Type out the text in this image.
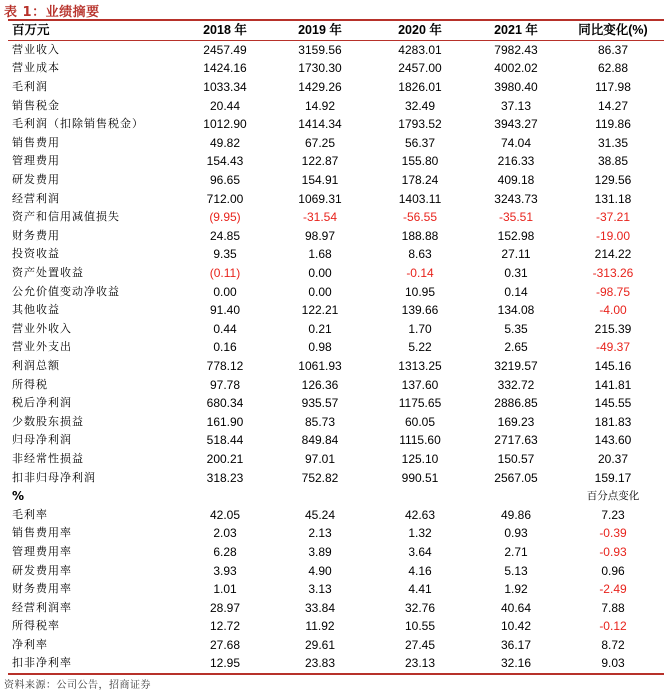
表 1：业绩摘要
百万元	2018 年	2019 年	2020 年	2021 年	同比变化(%)
营业收入	2457.49	3159.56	4283.01	7982.43	86.37
营业成本	1424.16	1730.30	2457.00	4002.02	62.88
毛利润	1033.34	1429.26	1826.01	3980.40	117.98
销售税金	20.44	14.92	32.49	37.13	14.27
毛利润（扣除销售税金）	1012.90	1414.34	1793.52	3943.27	119.86
销售费用	49.82	67.25	56.37	74.04	31.35
管理费用	154.43	122.87	155.80	216.33	38.85
研发费用	96.65	154.91	178.24	409.18	129.56
经营利润	712.00	1069.31	1403.11	3243.73	131.18
资产和信用减值损失	(9.95)	-31.54	-56.55	-35.51	-37.21
财务费用	24.85	98.97	188.88	152.98	-19.00
投资收益	9.35	1.68	8.63	27.11	214.22
资产处置收益	(0.11)	0.00	-0.14	0.31	-313.26
公允价值变动净收益	0.00	0.00	10.95	0.14	-98.75
其他收益	91.40	122.21	139.66	134.08	-4.00
营业外收入	0.44	0.21	1.70	5.35	215.39
营业外支出	0.16	0.98	5.22	2.65	-49.37
利润总额	778.12	1061.93	1313.25	3219.57	145.16
所得税	97.78	126.36	137.60	332.72	141.81
税后净利润	680.34	935.57	1175.65	2886.85	145.55
少数股东损益	161.90	85.73	60.05	169.23	181.83
归母净利润	518.44	849.84	1115.60	2717.63	143.60
非经常性损益	200.21	97.01	125.10	150.57	20.37
扣非归母净利润	318.23	752.82	990.51	2567.05	159.17
%					百分点变化
毛利率	42.05	45.24	42.63	49.86	7.23
销售费用率	2.03	2.13	1.32	0.93	-0.39
管理费用率	6.28	3.89	3.64	2.71	-0.93
研发费用率	3.93	4.90	4.16	5.13	0.96
财务费用率	1.01	3.13	4.41	1.92	-2.49
经营利润率	28.97	33.84	32.76	40.64	7.88
所得税率	12.72	11.92	10.55	10.42	-0.12
净利率	27.68	29.61	27.45	36.17	8.72
扣非净利率	12.95	23.83	23.13	32.16	9.03
资料来源：公司公告，招商证券
